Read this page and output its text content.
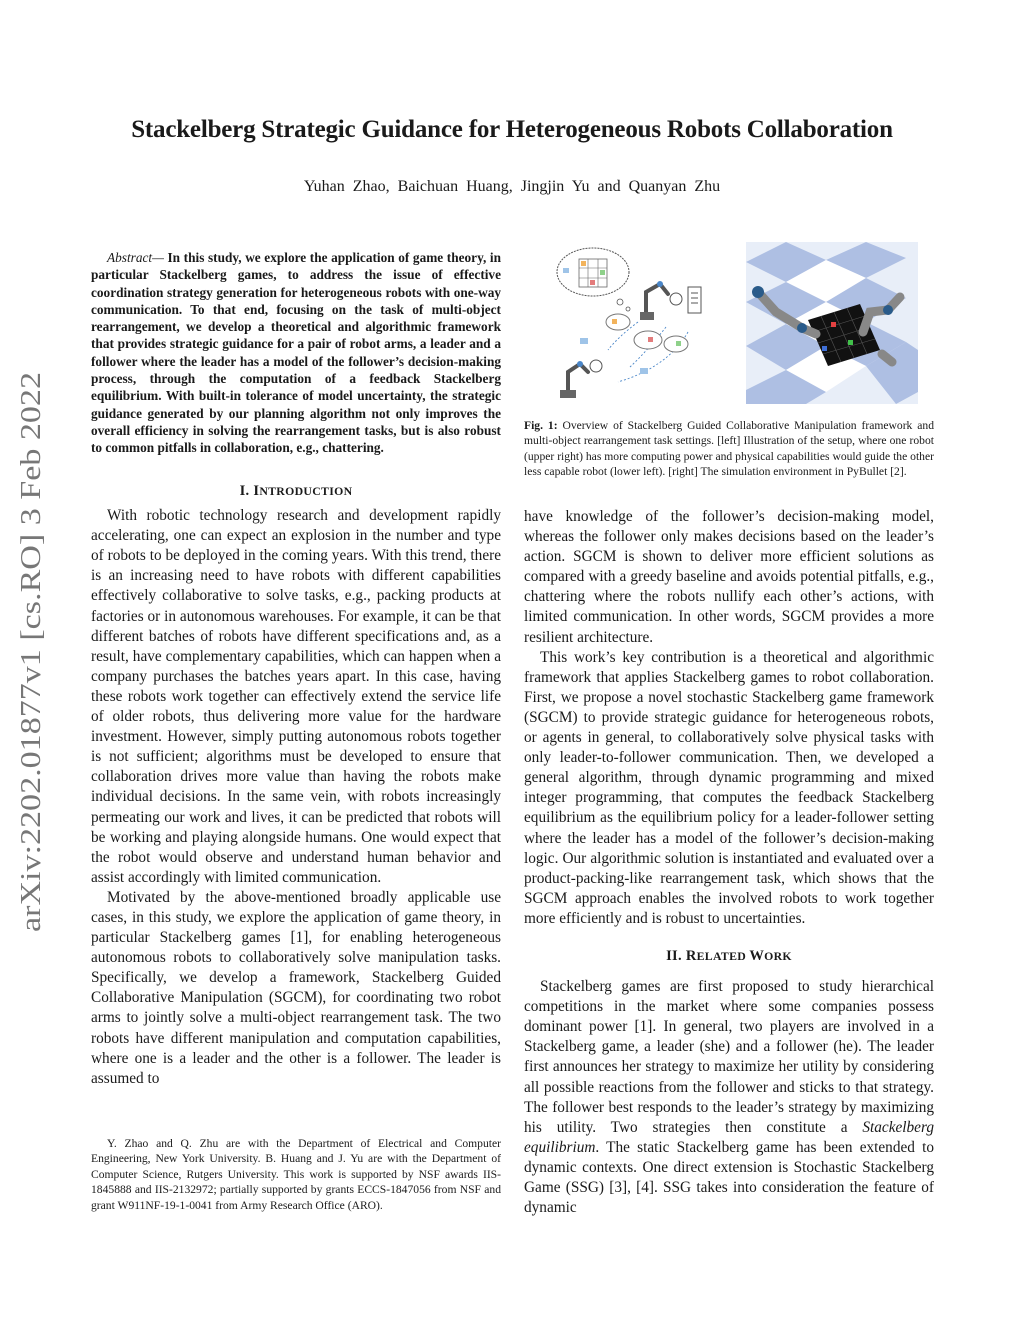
Stackelberg Strategic Guidance for Heterogeneous Robots Collaboration
Yuhan Zhao, Baichuan Huang, Jingjin Yu and Quanyan Zhu
arXiv:2202.01877v1 [cs.RO] 3 Feb 2022
Abstract— In this study, we explore the application of game theory, in particular Stackelberg games, to address the issue of effective coordination strategy generation for heterogeneous robots with one-way communication. To that end, focusing on the task of multi-object rearrangement, we develop a theoretical and algorithmic framework that provides strategic guidance for a pair of robot arms, a leader and a follower where the leader has a model of the follower’s decision-making process, through the computation of a feedback Stackelberg equilibrium. With built-in tolerance of model uncertainty, the strategic guidance generated by our planning algorithm not only improves the overall efficiency in solving the rearrangement tasks, but is also robust to common pitfalls in collaboration, e.g., chattering.
I. INTRODUCTION

With robotic technology research and development rapidly accelerating, one can expect an explosion in the number and type of robots to be deployed in the coming years. With this trend, there is an increasing need to have robots with different capabilities effectively collaborative to solve tasks, e.g., packing products at factories or in autonomous warehouses. For example, it can be that different batches of robots have different specifications and, as a result, have complementary capabilities, which can happen when a company purchases the batches years apart. In this case, having these robots work together can effectively extend the service life of older robots, thus delivering more value for the hardware investment. However, simply putting autonomous robots together is not sufficient; algorithms must be developed to ensure that collaboration drives more value than having the robots make individual decisions. In the same vein, with robots increasingly permeating our work and lives, it can be predicted that robots will be working and playing alongside humans. One would expect that the robot would observe and understand human behavior and assist accordingly with limited communication.

Motivated by the above-mentioned broadly applicable use cases, in this study, we explore the application of game theory, in particular Stackelberg games [1], for enabling heterogeneous autonomous robots to collaboratively solve manipulation tasks. Specifically, we develop a framework, Stackelberg Guided Collaborative Manipulation (SGCM), for coordinating two robot arms to jointly solve a multi-object rearrangement task. The two robots have different manipulation and computation capabilities, where one is a leader and the other is a follower. The leader is assumed to

Y. Zhao and Q. Zhu are with the Department of Electrical and Computer Engineering, New York University. B. Huang and J. Yu are with the Department of Computer Science, Rutgers University. This work is supported by NSF awards IIS-1845888 and IIS-2132972; partially supported by grants ECCS-1847056 from NSF and grant W911NF-19-1-0041 from Army Research Office (ARO).
Fig. 1: Overview of Stackelberg Guided Collaborative Manipulation framework and multi-object rearrangement task settings. [left] Illustration of the setup, where one robot (upper right) has more computing power and physical capabilities would guide the other less capable robot (lower left). [right] The simulation environment in PyBullet [2].

have knowledge of the follower’s decision-making model, whereas the follower only makes decisions based on the leader’s action. SGCM is shown to deliver more efficient solutions as compared with a greedy baseline and avoids potential pitfalls, e.g., chattering where the robots nullify each other’s actions, with limited communication. In other words, SGCM provides a more resilient architecture.

This work’s key contribution is a theoretical and algorithmic framework that applies Stackelberg games to robot collaboration. First, we propose a novel stochastic Stackelberg game framework (SGCM) to provide strategic guidance for heterogeneous robots, or agents in general, to collaboratively solve physical tasks with only leader-to-follower communication. Then, we developed a general algorithm, through dynamic programming and mixed integer programming, that computes the feedback Stackelberg equilibrium as the equilibrium policy for a leader-follower setting where the leader has a model of the follower’s decision-making logic. Our algorithmic solution is instantiated and evaluated over a product-packing-like rearrangement task, which shows that the SGCM approach enables the involved robots to work together more efficiently and is robust to uncertainties.

II. RELATED WORK

Stackelberg games are first proposed to study hierarchical competitions in the market where some companies possess dominant power [1]. In general, two players are involved in a Stackelberg game, a leader (she) and a follower (he). The leader first announces her strategy to maximize her utility by considering all possible reactions from the follower and sticks to that strategy. The follower best responds to the leader’s strategy by maximizing his utility. Two strategies then constitute a Stackelberg equilibrium. The static Stackelberg game has been extended to dynamic contexts. One direct extension is Stochastic Stackelberg Game (SSG) [3], [4]. SSG takes into consideration the feature of dynamic
